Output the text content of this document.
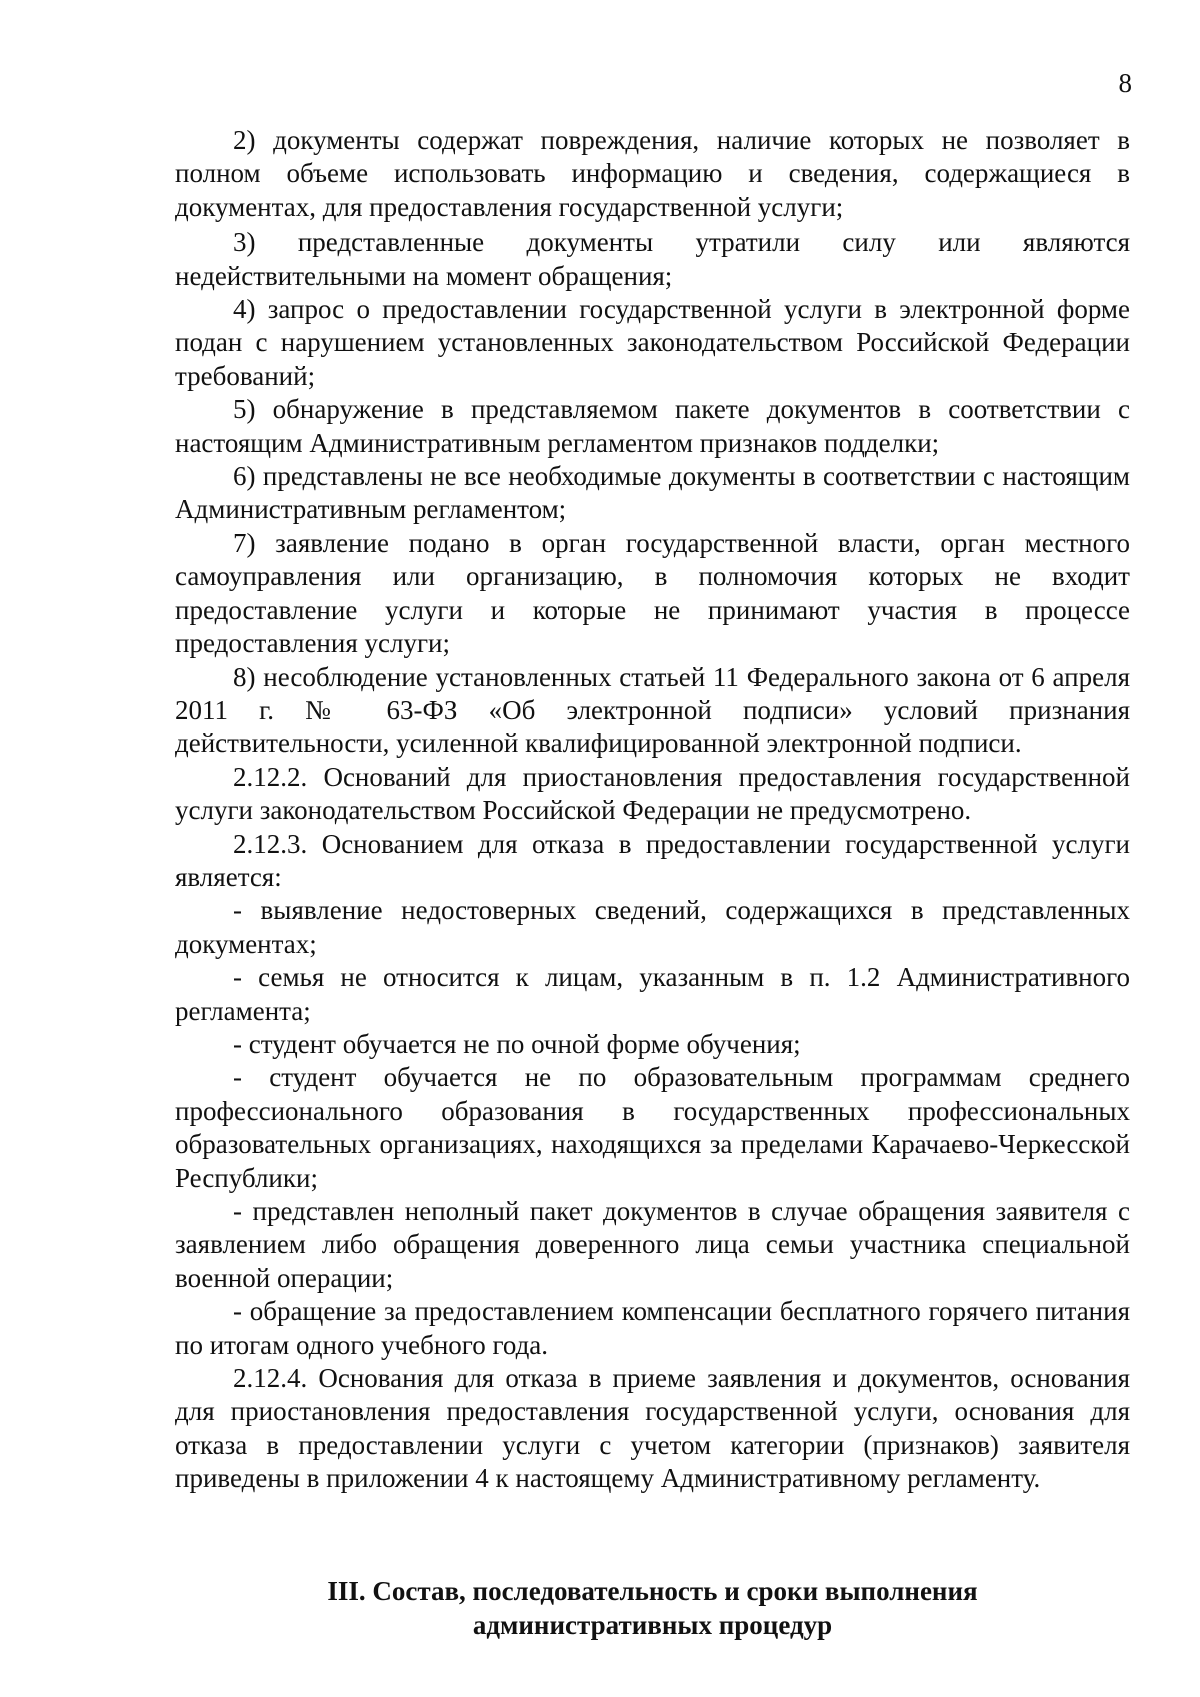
8

2) документы содержат повреждения, наличие которых не позволяет в полном объеме использовать информацию и сведения, содержащиеся в документах, для предоставления государственной услуги;

3) представленные документы утратили силу или являются недействительными на момент обращения;

4) запрос о предоставлении государственной услуги в электронной форме подан с нарушением установленных законодательством Российской Федерации требований;

5) обнаружение в представляемом пакете документов в соответствии с настоящим Административным регламентом признаков подделки;

6) представлены не все необходимые документы в соответствии с настоящим Административным регламентом;

7) заявление подано в орган государственной власти, орган местного самоуправления или организацию, в полномочия которых не входит предоставление услуги и которые не принимают участия в процессе предоставления услуги;

8) несоблюдение установленных статьей 11 Федерального закона от 6 апреля 2011 г. № 63-ФЗ «Об электронной подписи» условий признания действительности, усиленной квалифицированной электронной подписи.

2.12.2. Оснований для приостановления предоставления государственной услуги законодательством Российской Федерации не предусмотрено.

2.12.3. Основанием для отказа в предоставлении государственной услуги является:

- выявление недостоверных сведений, содержащихся в представленных документах;

- семья не относится к лицам, указанным в п. 1.2 Административного регламента;

- студент обучается не по очной форме обучения;

- студент обучается не по образовательным программам среднего профессионального образования в государственных профессиональных образовательных организациях, находящихся за пределами Карачаево-Черкесской Республики;

- представлен неполный пакет документов в случае обращения заявителя с заявлением либо обращения доверенного лица семьи участника специальной военной операции;

- обращение за предоставлением компенсации бесплатного горячего питания по итогам одного учебного года.

2.12.4. Основания для отказа в приеме заявления и документов, основания для приостановления предоставления государственной услуги, основания для отказа в предоставлении услуги с учетом категории (признаков) заявителя приведены в приложении 4 к настоящему Административному регламенту.

III. Состав, последовательность и сроки выполнения
административных процедур
